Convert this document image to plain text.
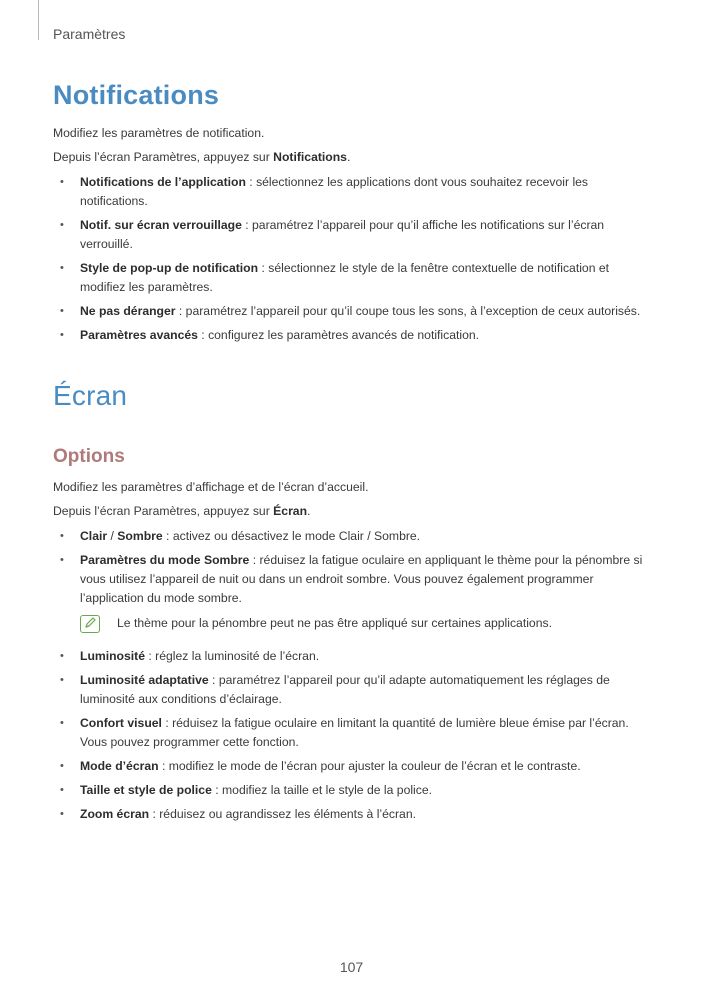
Paramètres
Notifications
Modifiez les paramètres de notification.
Depuis l’écran Paramètres, appuyez sur Notifications.
• Notifications de l’application : sélectionnez les applications dont vous souhaitez recevoir les notifications.
• Notif. sur écran verrouillage : paramétrez l’appareil pour qu’il affiche les notifications sur l’écran verrouillé.
• Style de pop-up de notification : sélectionnez le style de la fenêtre contextuelle de notification et modifiez les paramètres.
• Ne pas déranger : paramétrez l’appareil pour qu’il coupe tous les sons, à l’exception de ceux autorisés.
• Paramètres avancés : configurez les paramètres avancés de notification.
Écran
Options
Modifiez les paramètres d’affichage et de l’écran d’accueil.
Depuis l’écran Paramètres, appuyez sur Écran.
• Clair / Sombre : activez ou désactivez le mode Clair / Sombre.
• Paramètres du mode Sombre : réduisez la fatigue oculaire en appliquant le thème pour la pénombre si vous utilisez l’appareil de nuit ou dans un endroit sombre. Vous pouvez également programmer l’application du mode sombre.
Le thème pour la pénombre peut ne pas être appliqué sur certaines applications.
• Luminosité : réglez la luminosité de l’écran.
• Luminosité adaptative : paramétrez l’appareil pour qu’il adapte automatiquement les réglages de luminosité aux conditions d’éclairage.
• Confort visuel : réduisez la fatigue oculaire en limitant la quantité de lumière bleue émise par l’écran. Vous pouvez programmer cette fonction.
• Mode d’écran : modifiez le mode de l’écran pour ajuster la couleur de l’écran et le contraste.
• Taille et style de police : modifiez la taille et le style de la police.
• Zoom écran : réduisez ou agrandissez les éléments à l’écran.
107
